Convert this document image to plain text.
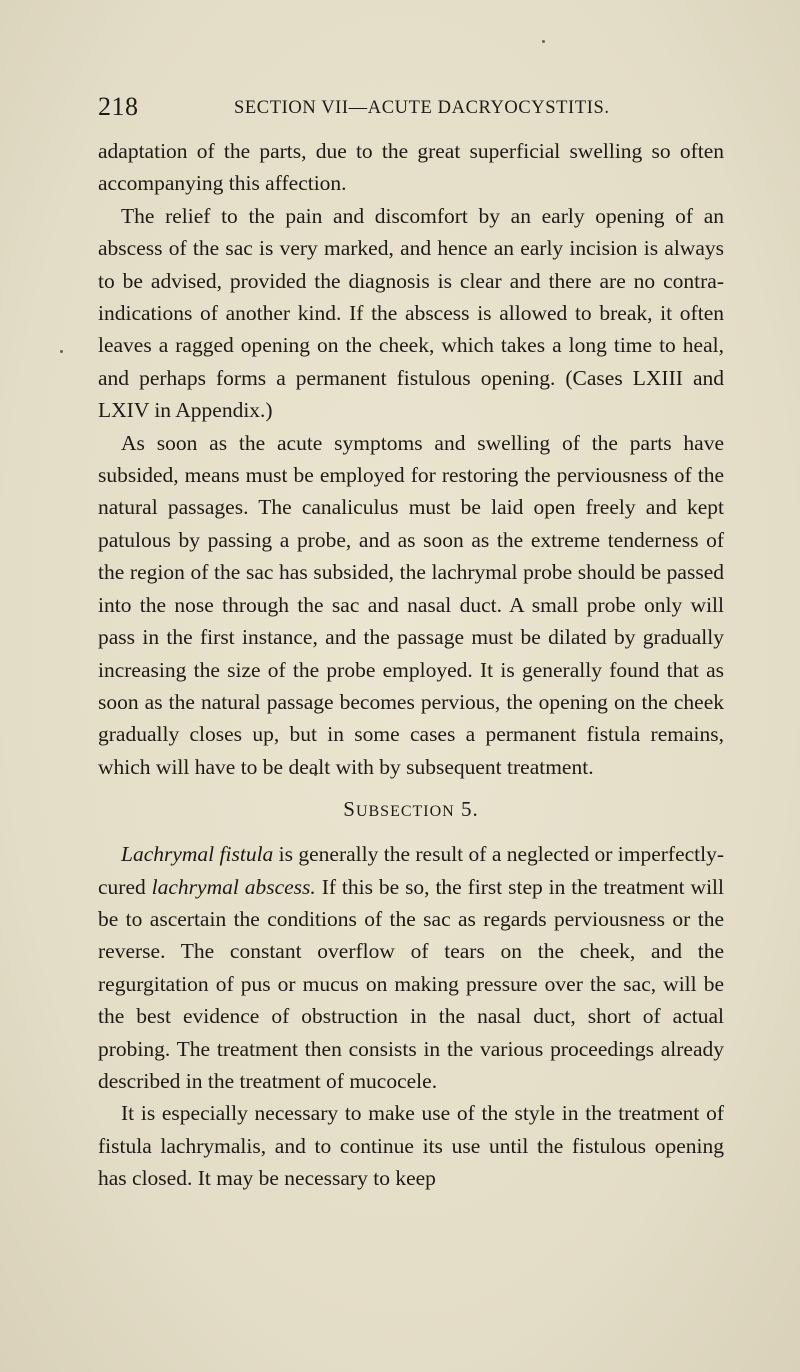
218	SECTION VII—ACUTE DACRYOCYSTITIS.

adaptation of the parts, due to the great superficial swelling so often accompanying this affection.

The relief to the pain and discomfort by an early opening of an abscess of the sac is very marked, and hence an early incision is always to be advised, provided the diagnosis is clear and there are no contra-indications of another kind. If the abscess is allowed to break, it often leaves a ragged opening on the cheek, which takes a long time to heal, and perhaps forms a permanent fistulous opening. (Cases LXIII and LXIV in Appendix.)

As soon as the acute symptoms and swelling of the parts have subsided, means must be employed for restoring the perviousness of the natural passages. The canaliculus must be laid open freely and kept patulous by passing a probe, and as soon as the extreme tenderness of the region of the sac has subsided, the lachrymal probe should be passed into the nose through the sac and nasal duct. A small probe only will pass in the first instance, and the passage must be dilated by gradually increasing the size of the probe employed. It is generally found that as soon as the natural passage becomes pervious, the opening on the cheek gradually closes up, but in some cases a permanent fistula remains, which will have to be dealt with by subsequent treatment.

SUBSECTION 5.

Lachrymal fistula is generally the result of a neglected or imperfectly-cured lachrymal abscess. If this be so, the first step in the treatment will be to ascertain the conditions of the sac as regards perviousness or the reverse. The constant overflow of tears on the cheek, and the regurgitation of pus or mucus on making pressure over the sac, will be the best evidence of obstruction in the nasal duct, short of actual probing. The treatment then consists in the various proceedings already described in the treatment of mucocele.

It is especially necessary to make use of the style in the treatment of fistula lachrymalis, and to continue its use until the fistulous opening has closed. It may be necessary to keep
